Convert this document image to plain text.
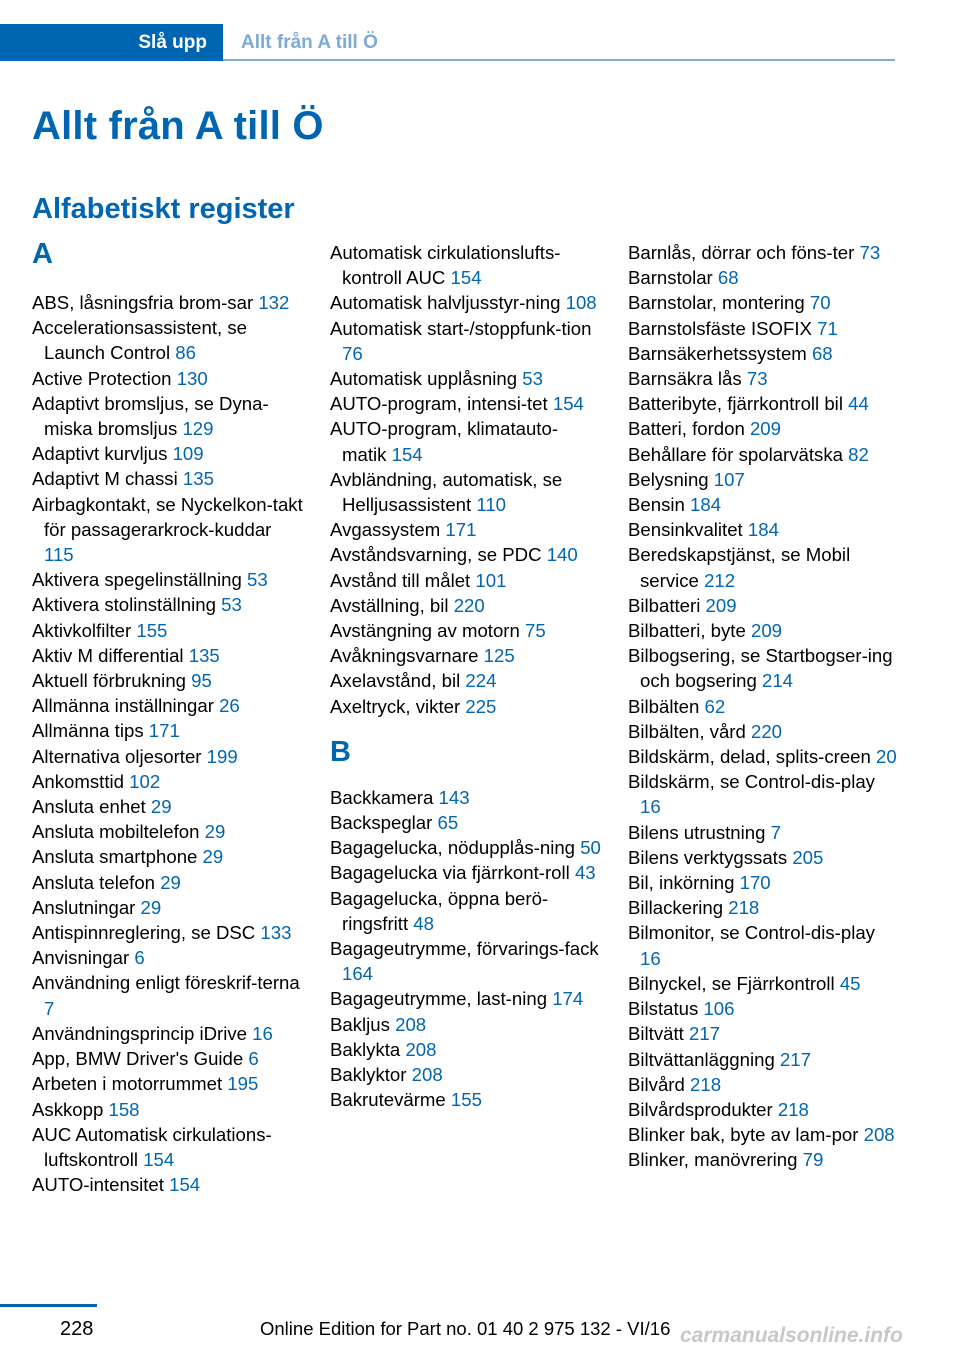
Slå upp	Allt från A till Ö
Allt från A till Ö
Alfabetiskt register
A
ABS, låsningsfria brom-sar 132
Accelerationsassistent, se Launch Control 86
Active Protection 130
Adaptivt bromsljus, se Dyna-miska bromsljus 129
Adaptivt kurvljus 109
Adaptivt M chassi 135
Airbagkontakt, se Nyckelkon-takt för passagerarkrock-kuddar 115
Aktivera spegelinställning 53
Aktivera stolinställning 53
Aktivkolfilter 155
Aktiv M differential 135
Aktuell förbrukning 95
Allmänna inställningar 26
Allmänna tips 171
Alternativa oljesorter 199
Ankomsttid 102
Ansluta enhet 29
Ansluta mobiltelefon 29
Ansluta smartphone 29
Ansluta telefon 29
Anslutningar 29
Antispinnreglering, se DSC 133
Anvisningar 6
Användning enligt föreskrif-terna 7
Användningsprincip iDrive 16
App, BMW Driver's Guide 6
Arbeten i motorrummet 195
Askkopp 158
AUC Automatisk cirkulations-luftskontroll 154
AUTO-intensitet 154
Automatisk cirkulationslufts-kontroll AUC 154
Automatisk halvljusstyr-ning 108
Automatisk start-/stoppfunk-tion 76
Automatisk upplåsning 53
AUTO-program, intensi-tet 154
AUTO-program, klimatauto-matik 154
Avbländning, automatisk, se Helljusassistent 110
Avgassystem 171
Avståndsvarning, se PDC 140
Avstånd till målet 101
Avställning, bil 220
Avstängning av motorn 75
Avåkningsvarnare 125
Axelavstånd, bil 224
Axeltryck, vikter 225
B
Backkamera 143
Backspeglar 65
Bagagelucka, nödupplås-ning 50
Bagagelucka via fjärrkont-roll 43
Bagagelucka, öppna berö-ringsfritt 48
Bagageutrymme, förvarings-fack 164
Bagageutrymme, last-ning 174
Bakljus 208
Baklykta 208
Baklyktor 208
Bakrutevärme 155
Barnlås, dörrar och föns-ter 73
Barnstolar 68
Barnstolar, montering 70
Barnstolsfäste ISOFIX 71
Barnsäkerhetssystem 68
Barnsäkra lås 73
Batteribyte, fjärrkontroll bil 44
Batteri, fordon 209
Behållare för spolarvätska 82
Belysning 107
Bensin 184
Bensinkvalitet 184
Beredskapstjänst, se Mobil service 212
Bilbatteri 209
Bilbatteri, byte 209
Bilbogsering, se Startbogser-ing och bogsering 214
Bilbälten 62
Bilbälten, vård 220
Bildskärm, delad, splits-creen 20
Bildskärm, se Control-dis-play 16
Bilens utrustning 7
Bilens verktygssats 205
Bil, inkörning 170
Billackering 218
Bilmonitor, se Control-dis-play 16
Bilnyckel, se Fjärrkontroll 45
Bilstatus 106
Biltvätt 217
Biltvättanläggning 217
Bilvård 218
Bilvårdsprodukter 218
Blinker bak, byte av lam-por 208
Blinker, manövrering 79
228	Online Edition for Part no. 01 40 2 975 132 - VI/16 carmanualsonline.info
